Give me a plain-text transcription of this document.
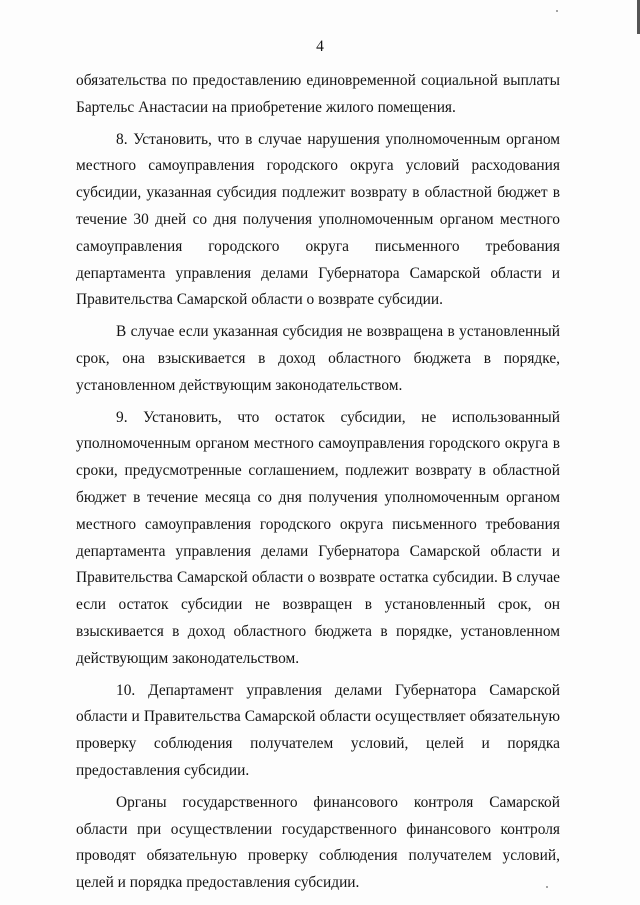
4

обязательства по предоставлению единовременной социальной выплаты Бартельс Анастасии на приобретение жилого помещения.

8. Установить, что в случае нарушения уполномоченным органом местного самоуправления городского округа условий расходования субсидии, указанная субсидия подлежит возврату в областной бюджет в течение 30 дней со дня получения уполномоченным органом местного самоуправления городского округа письменного требования департамента управления делами Губернатора Самарской области и Правительства Самарской области о возврате субсидии.

В случае если указанная субсидия не возвращена в установленный срок, она взыскивается в доход областного бюджета в порядке, установленном действующим законодательством.

9. Установить, что остаток субсидии, не использованный уполномоченным органом местного самоуправления городского округа в сроки, предусмотренные соглашением, подлежит возврату в областной бюджет в течение месяца со дня получения уполномоченным органом местного самоуправления городского округа письменного требования департамента управления делами Губернатора Самарской области и Правительства Самарской области о возврате остатка субсидии. В случае если остаток субсидии не возвращен в установленный срок, он взыскивается в доход областного бюджета в порядке, установленном действующим законодательством.

10. Департамент управления делами Губернатора Самарской области и Правительства Самарской области осуществляет обязательную проверку соблюдения получателем условий, целей и порядка предоставления субсидии.

Органы государственного финансового контроля Самарской области при осуществлении государственного финансового контроля проводят обязательную проверку соблюдения получателем условий, целей и порядка предоставления субсидии.
